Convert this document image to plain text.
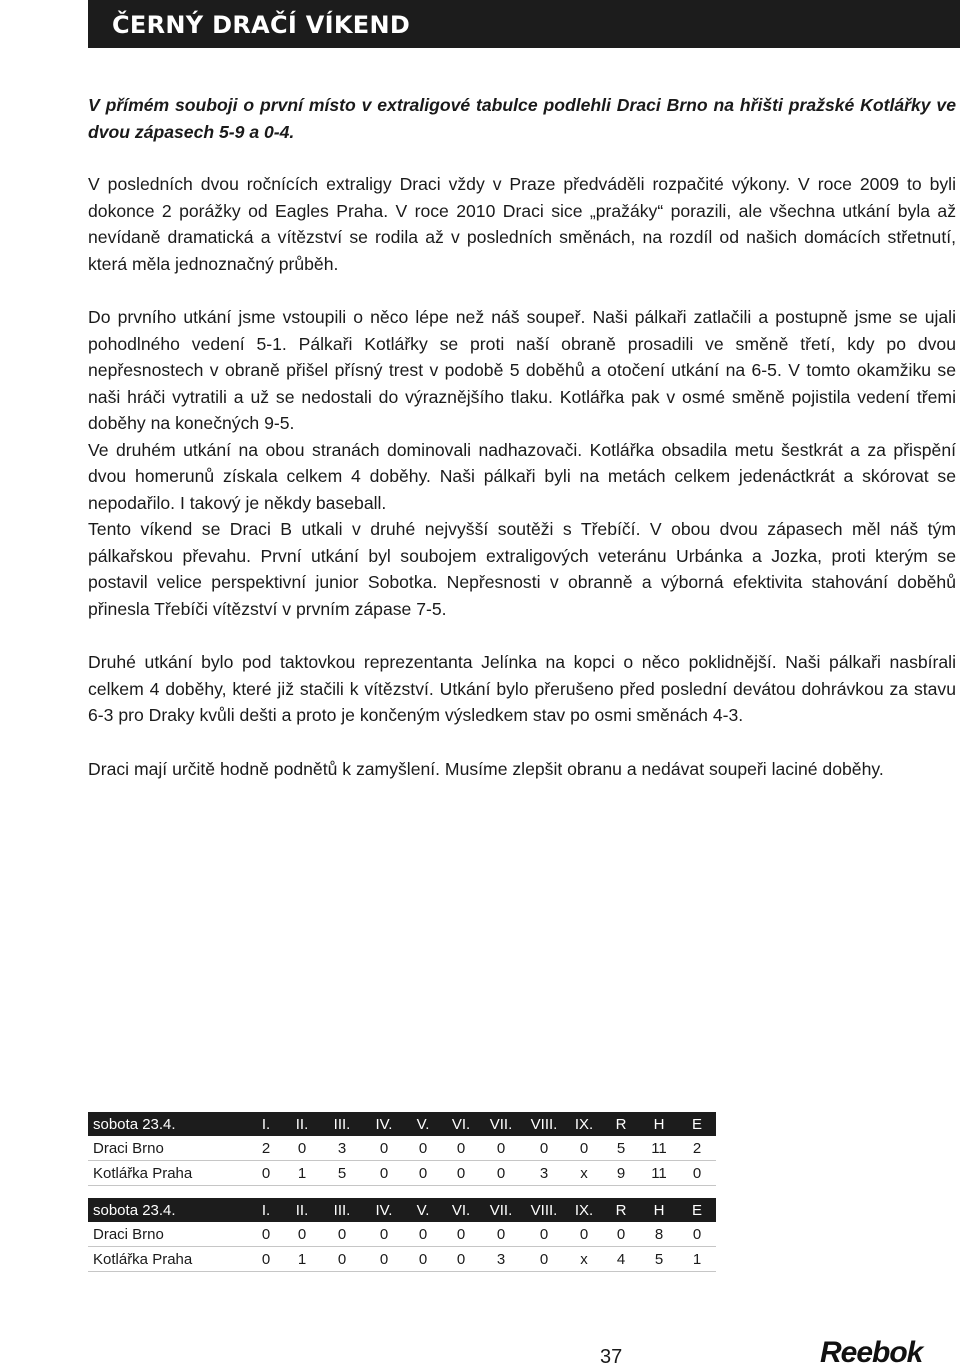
ČERNÝ DRAČÍ VÍKEND

V přímém souboji o první místo v extraligové tabulce podlehli Draci Brno na hřišti pražské Kotlářky ve dvou zápasech 5-9 a 0-4.

V posledních dvou ročnících extraligy Draci vždy v Praze předváděli rozpačité výkony. V roce 2009 to byli dokonce 2 porážky od Eagles Praha. V roce 2010 Draci sice „pražáky“ porazili, ale všechna utkání byla až nevídaně dramatická a vítězství se rodila až v posledních směnách, na rozdíl od našich domácích střetnutí, která měla jednoznačný průběh.

Do prvního utkání jsme vstoupili o něco lépe než náš soupeř. Naši pálkaři zatlačili a postupně jsme se ujali pohodlného vedení 5-1. Pálkaři Kotlářky se proti naší obraně prosadili ve směně třetí, kdy po dvou nepřesnostech v obraně přišel přísný trest v podobě 5 doběhů a otočení utkání na 6-5. V tomto okamžiku se naši hráči vytratili a už se nedostali do výraznějšího tlaku. Kotlářka pak v osmé směně pojistila vedení třemi doběhy na konečných 9-5.

Ve druhém utkání na obou stranách dominovali nadhazovači. Kotlářka obsadila metu šestkrát a za přispění dvou homerunů získala celkem 4 doběhy. Naši pálkaři byli na metách celkem jedenáctkrát a skórovat se nepodařilo. I takový je někdy baseball.

Tento víkend se Draci B utkali v druhé nejvyšší soutěži s Třebíčí. V obou dvou zápasech měl náš tým pálkařskou převahu. První utkání byl soubojem extraligových veteránu Urbánka a Jozka, proti kterým se postavil velice perspektivní junior Sobotka. Nepřesnosti v obranně a výborná efektivita stahování doběhů přinesla Třebíči vítězství v prvním zápase 7-5.

Druhé utkání bylo pod taktovkou reprezentanta Jelínka na kopci o něco poklidnější. Naši pálkaři nasbírali celkem 4 doběhy, které již stačili k vítězství. Utkání bylo přerušeno před poslední devátou dohrávkou za stavu 6-3 pro Draky kvůli dešti a proto je končeným výsledkem stav po osmi směnách 4-3.

Draci mají určitě hodně podnětů k zamyšlení. Musíme zlepšit obranu a nedávat soupeři laciné doběhy.

sobota 23.4.	I.	II.	III.	IV.	V.	VI.	VII.	VIII.	IX.	R	H	E
Draci Brno	2	0	3	0	0	0	0	0	0	5	11	2
Kotlářka Praha	0	1	5	0	0	0	0	3	x	9	11	0
sobota 23.4.	I.	II.	III.	IV.	V.	VI.	VII.	VIII.	IX.	R	H	E
Draci Brno	0	0	0	0	0	0	0	0	0	0	8	0
Kotlářka Praha	0	1	0	0	0	0	3	0	x	4	5	1
37	Reebok
